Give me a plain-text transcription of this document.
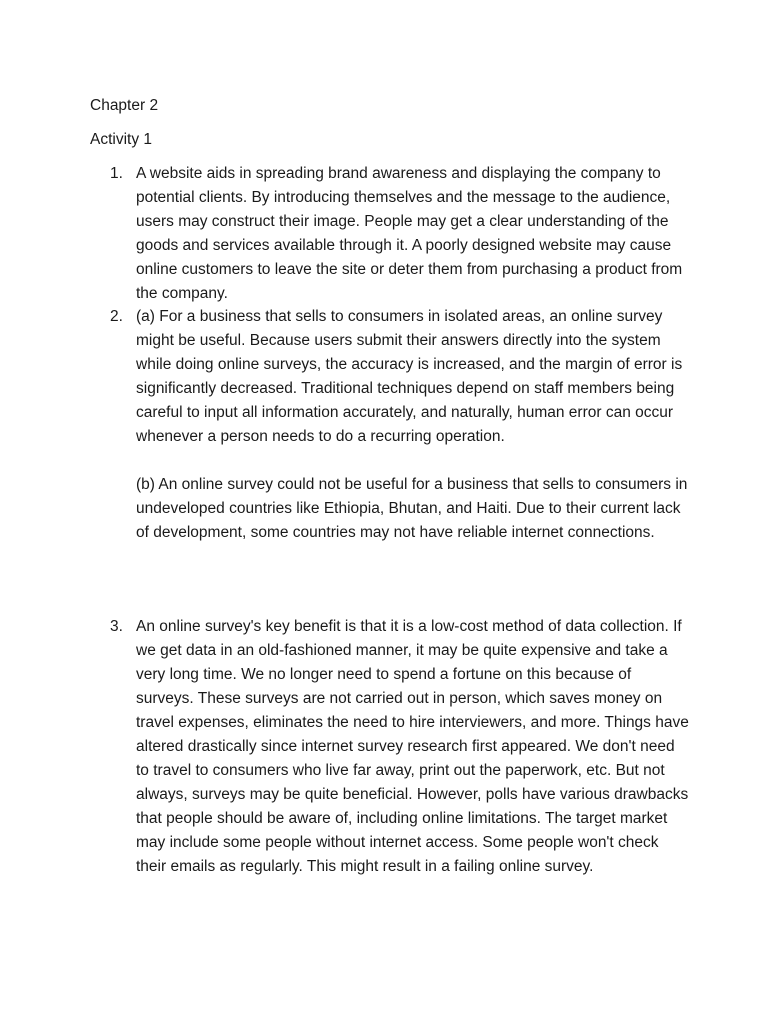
Chapter 2
Activity 1
1. A website aids in spreading brand awareness and displaying the company to potential clients. By introducing themselves and the message to the audience, users may construct their image. People may get a clear understanding of the goods and services available through it. A poorly designed website may cause online customers to leave the site or deter them from purchasing a product from the company.

2. (a) For a business that sells to consumers in isolated areas, an online survey might be useful. Because users submit their answers directly into the system while doing online surveys, the accuracy is increased, and the margin of error is significantly decreased. Traditional techniques depend on staff members being careful to input all information accurately, and naturally, human error can occur whenever a person needs to do a recurring operation.

(b) An online survey could not be useful for a business that sells to consumers in undeveloped countries like Ethiopia, Bhutan, and Haiti. Due to their current lack of development, some countries may not have reliable internet connections.

3. An online survey's key benefit is that it is a low-cost method of data collection. If we get data in an old-fashioned manner, it may be quite expensive and take a very long time. We no longer need to spend a fortune on this because of surveys. These surveys are not carried out in person, which saves money on travel expenses, eliminates the need to hire interviewers, and more. Things have altered drastically since internet survey research first appeared. We don't need to travel to consumers who live far away, print out the paperwork, etc. But not always, surveys may be quite beneficial. However, polls have various drawbacks that people should be aware of, including online limitations. The target market may include some people without internet access. Some people won't check their emails as regularly. This might result in a failing online survey.
